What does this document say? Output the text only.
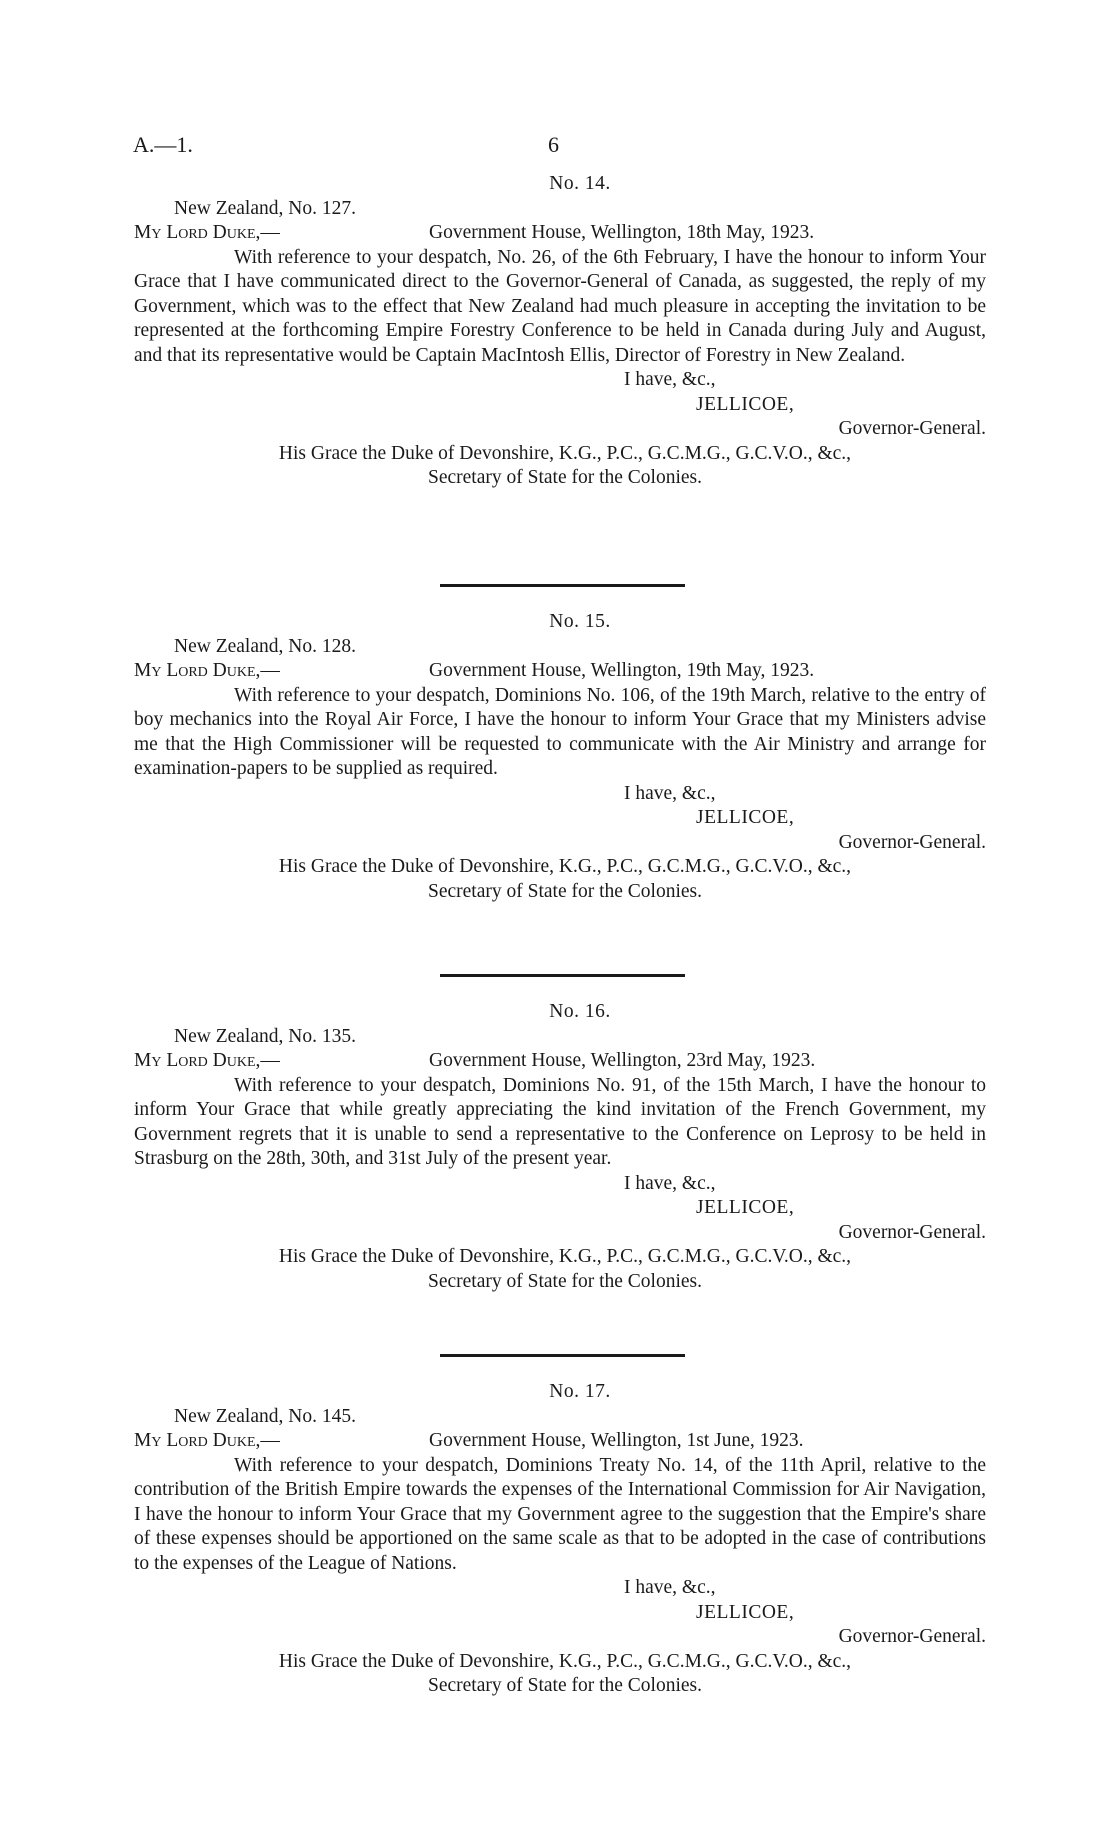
A.—1.	6
No. 14.
New Zealand, No. 127.
My Lord Duke,—	Government House, Wellington, 18th May, 1923.
With reference to your despatch, No. 26, of the 6th February, I have the honour to inform Your Grace that I have communicated direct to the Governor-General of Canada, as suggested, the reply of my Government, which was to the effect that New Zealand had much pleasure in accepting the invitation to be represented at the forthcoming Empire Forestry Conference to be held in Canada during July and August, and that its representative would be Captain MacIntosh Ellis, Director of Forestry in New Zealand.
I have, &c.,
JELLICOE,
Governor-General.
His Grace the Duke of Devonshire, K.G., P.C., G.C.M.G., G.C.V.O., &c.,
Secretary of State for the Colonies.
No. 15.
New Zealand, No. 128.
My Lord Duke,—	Government House, Wellington, 19th May, 1923.
With reference to your despatch, Dominions No. 106, of the 19th March, relative to the entry of boy mechanics into the Royal Air Force, I have the honour to inform Your Grace that my Ministers advise me that the High Commissioner will be requested to communicate with the Air Ministry and arrange for examination-papers to be supplied as required.
I have, &c.,
JELLICOE,
Governor-General.
His Grace the Duke of Devonshire, K.G., P.C., G.C.M.G., G.C.V.O., &c.,
Secretary of State for the Colonies.
No. 16.
New Zealand, No. 135.
My Lord Duke,—	Government House, Wellington, 23rd May, 1923.
With reference to your despatch, Dominions No. 91, of the 15th March, I have the honour to inform Your Grace that while greatly appreciating the kind invitation of the French Government, my Government regrets that it is unable to send a representative to the Conference on Leprosy to be held in Strasburg on the 28th, 30th, and 31st July of the present year.
I have, &c.,
JELLICOE,
Governor-General.
His Grace the Duke of Devonshire, K.G., P.C., G.C.M.G., G.C.V.O., &c.,
Secretary of State for the Colonies.
No. 17.
New Zealand, No. 145.
My Lord Duke,—	Government House, Wellington, 1st June, 1923.
With reference to your despatch, Dominions Treaty No. 14, of the 11th April, relative to the contribution of the British Empire towards the expenses of the International Commission for Air Navigation, I have the honour to inform Your Grace that my Government agree to the suggestion that the Empire's share of these expenses should be apportioned on the same scale as that to be adopted in the case of contributions to the expenses of the League of Nations.
I have, &c.,
JELLICOE,
Governor-General.
His Grace the Duke of Devonshire, K.G., P.C., G.C.M.G., G.C.V.O., &c.,
Secretary of State for the Colonies.
